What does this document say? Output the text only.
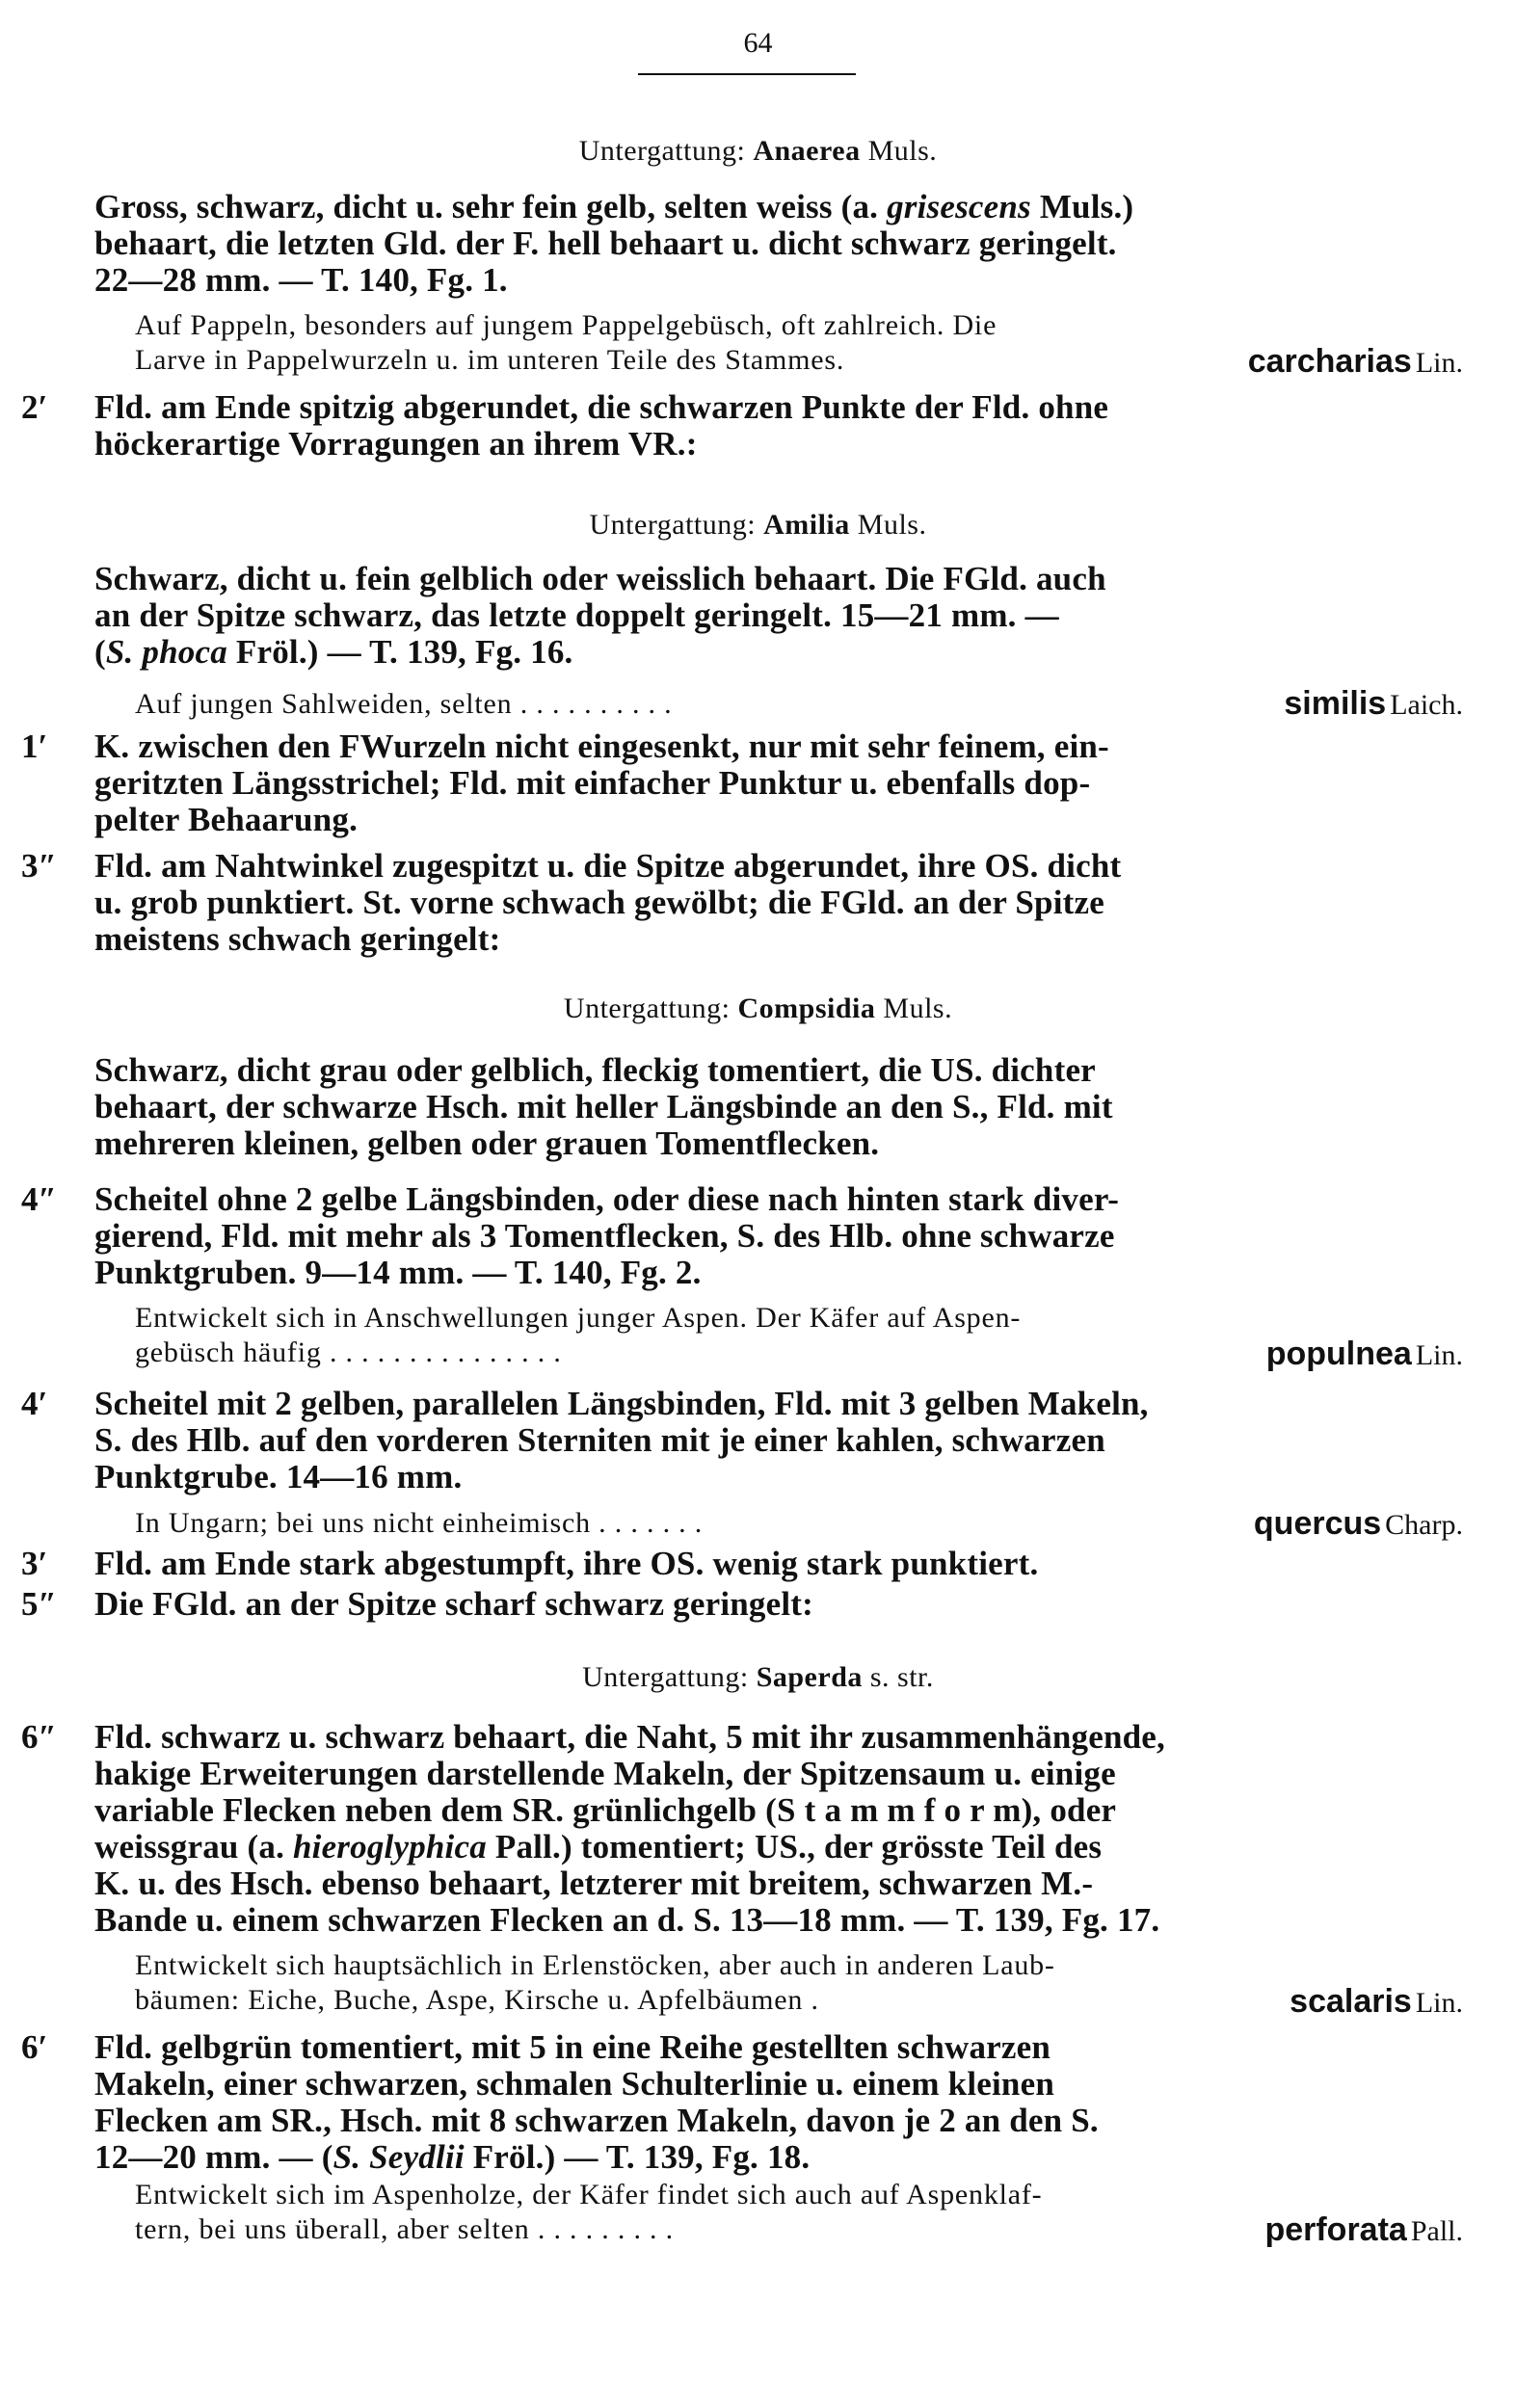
64
Untergattung: Anaerea Muls.
Gross, schwarz, dicht u. sehr fein gelb, selten weiss (a. grisescens Muls.)
behaart, die letzten Gld. der F. hell behaart u. dicht schwarz geringelt.
22—28 mm. — T. 140, Fg. 1.
Auf Pappeln, besonders auf jungem Pappelgebüsch, oft zahlreich. Die
Larve in Pappelwurzeln u. im unteren Teile des Stammes.	carcharias Lin.
2′ Fld. am Ende spitzig abgerundet, die schwarzen Punkte der Fld. ohne
höckerartige Vorragungen an ihrem VR.:
Untergattung: Amilia Muls.
Schwarz, dicht u. fein gelblich oder weisslich behaart. Die FGld. auch
an der Spitze schwarz, das letzte doppelt geringelt. 15—21 mm. —
(S. phoca Fröl.) — T. 139, Fg. 16.
Auf jungen Sahlweiden, selten . . . . . . . . . .	similis Laich.
1′ K. zwischen den FWurzeln nicht eingesenkt, nur mit sehr feinem, ein-
geritzten Längsstrichel; Fld. mit einfacher Punktur u. ebenfalls dop-
pelter Behaarung.
3″ Fld. am Nahtwinkel zugespitzt u. die Spitze abgerundet, ihre OS. dicht
u. grob punktiert. St. vorne schwach gewölbt; die FGld. an der Spitze
meistens schwach geringelt:
Untergattung: Compsidia Muls.
Schwarz, dicht grau oder gelblich, fleckig tomentiert, die US. dichter
behaart, der schwarze Hsch. mit heller Längsbinde an den S., Fld. mit
mehreren kleinen, gelben oder grauen Tomentflecken.
4″ Scheitel ohne 2 gelbe Längsbinden, oder diese nach hinten stark diver-
gierend, Fld. mit mehr als 3 Tomentflecken, S. des Hlb. ohne schwarze
Punktgruben. 9—14 mm. — T. 140, Fg. 2.
Entwickelt sich in Anschwellungen junger Aspen. Der Käfer auf Aspen-
gebüsch häufig . . . . . . . . . . . . . . .	populnea Lin.
4′ Scheitel mit 2 gelben, parallelen Längsbinden, Fld. mit 3 gelben Makeln,
S. des Hlb. auf den vorderen Sterniten mit je einer kahlen, schwarzen
Punktgrube. 14—16 mm.
In Ungarn; bei uns nicht einheimisch . . . . . . .	quercus Charp.
3′ Fld. am Ende stark abgestumpft, ihre OS. wenig stark punktiert.
5″ Die FGld. an der Spitze scharf schwarz geringelt:
Untergattung: Saperda s. str.
6″ Fld. schwarz u. schwarz behaart, die Naht, 5 mit ihr zusammenhängende,
hakige Erweiterungen darstellende Makeln, der Spitzensaum u. einige
variable Flecken neben dem SR. grünlichgelb (S t a m m f o r m), oder
weissgrau (a. hieroglyphica Pall.) tomentiert; US., der grösste Teil des
K. u. des Hsch. ebenso behaart, letzterer mit breitem, schwarzen M.-
Bande u. einem schwarzen Flecken an d. S. 13—18 mm. — T. 139, Fg. 17.
Entwickelt sich hauptsächlich in Erlenstöcken, aber auch in anderen Laub-
bäumen: Eiche, Buche, Aspe, Kirsche u. Apfelbäumen .	scalaris Lin.
6′ Fld. gelbgrün tomentiert, mit 5 in eine Reihe gestellten schwarzen
Makeln, einer schwarzen, schmalen Schulterlinie u. einem kleinen
Flecken am SR., Hsch. mit 8 schwarzen Makeln, davon je 2 an den S.
12—20 mm. — (S. Seydlii Fröl.) — T. 139, Fg. 18.
Entwickelt sich im Aspenholze, der Käfer findet sich auch auf Aspenklaf-
tern, bei uns überall, aber selten . . . . . . . . .	perforata Pall.
